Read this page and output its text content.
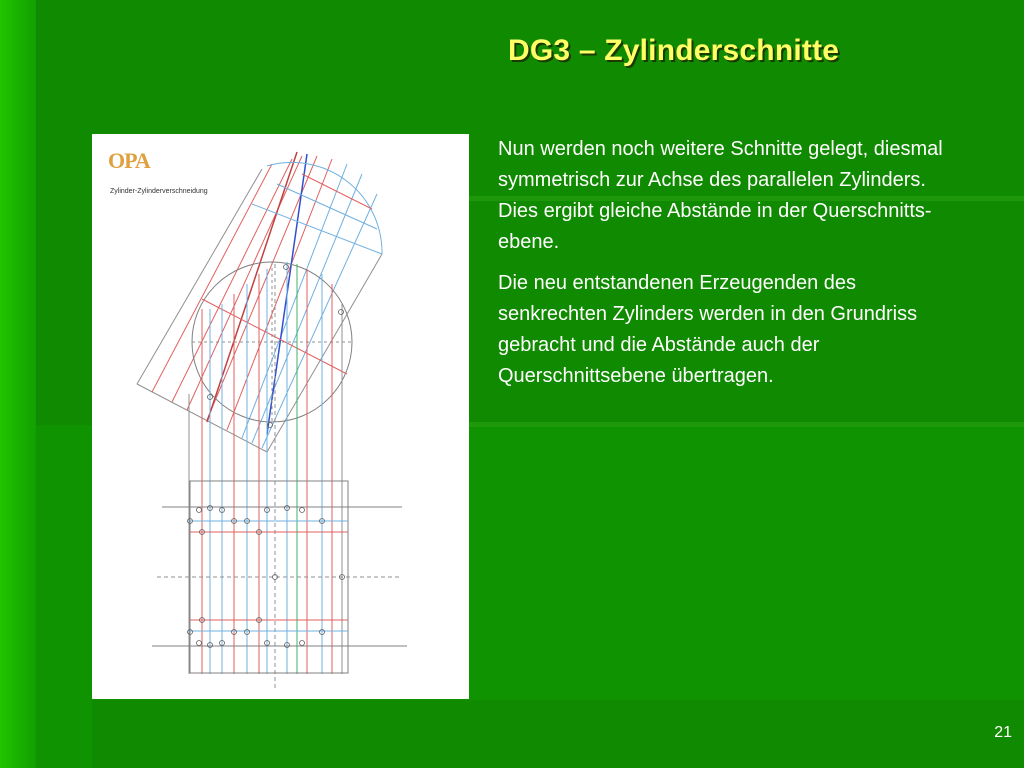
DG3 – Zylinderschnitte
OPA
Zylinder-Zylinderverschneidung

Nun werden noch weitere Schnitte gelegt, diesmal symmetrisch zur Achse des parallelen Zylinders. Dies ergibt gleiche Abstände in der Querschnitts-ebene.

Die neu entstandenen Erzeugenden des senkrechten Zylinders werden in den Grundriss gebracht und die Abstände auch der Querschnittsebene übertragen.

21
